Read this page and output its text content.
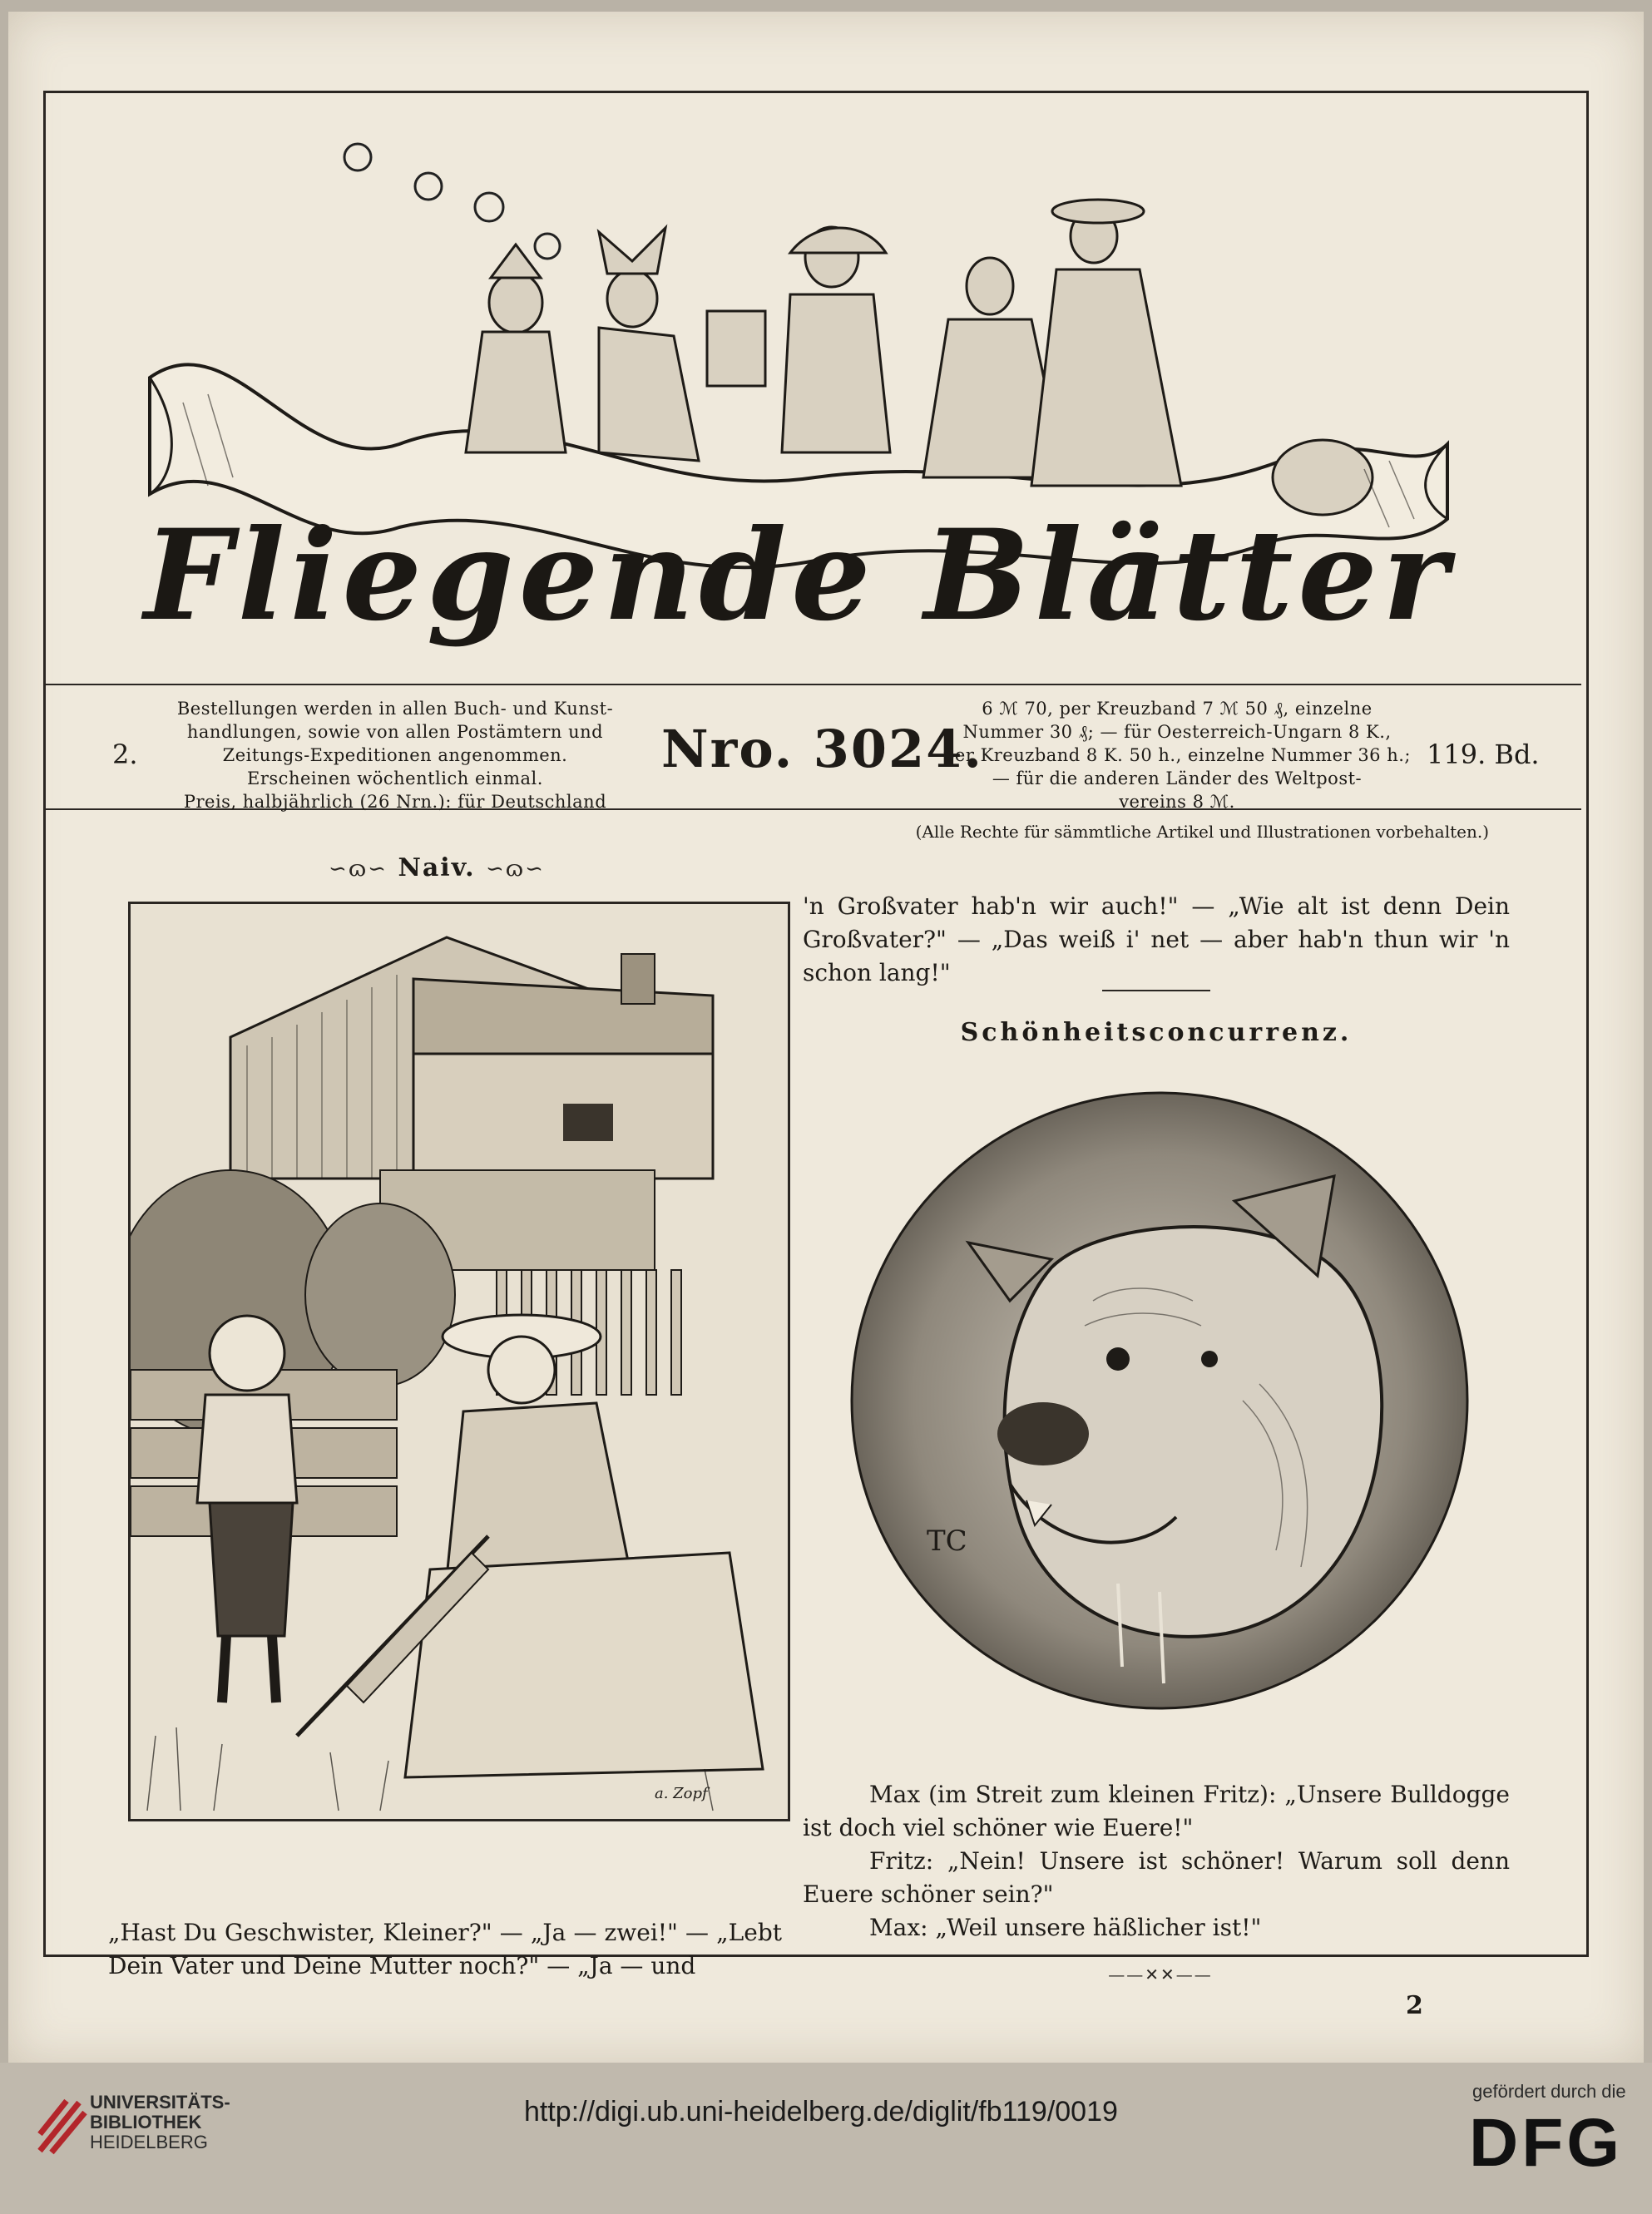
Fliegende Blätter
2.
Bestellungen werden in allen Buch- und Kunst-
handlungen, sowie von allen Postämtern und
Zeitungs-Expeditionen angenommen.
Erscheinen wöchentlich einmal.
Preis, halbjährlich (26 Nrn.): für Deutschland
Nro. 3024.
6 ℳ 70, per Kreuzband 7 ℳ 50 ₰, einzelne
Nummer 30 ₰; — für Oesterreich-Ungarn 8 K.,
per Kreuzband 8 K. 50 h., einzelne Nummer 36 h.;
— für die anderen Länder des Weltpost-
vereins 8 ℳ.
119. Bd.
(Alle Rechte für sämmtliche Artikel und Illustrationen vorbehalten.)
∽ɷ∽ Naiv. ∽ɷ∽
a. Zopf
„Hast Du Geschwister, Kleiner?" — „Ja — zwei!" — „Lebt Dein Vater und Deine Mutter noch?" — „Ja — und
'n Großvater hab'n wir auch!" — „Wie alt ist denn Dein Großvater?" — „Das weiß i' net — aber hab'n thun wir 'n schon lang!"
Schönheitsconcurrenz.
TC

Max (im Streit zum kleinen Fritz): „Unsere Bulldogge ist doch viel schöner wie Euere!"

Fritz: „Nein! Unsere ist schöner! Warum soll denn Euere schöner sein?"

Max: „Weil unsere häßlicher ist!"

——✕✕——
2
UNIVERSITÄTS-
BIBLIOTHEK
HEIDELBERG
http://digi.ub.uni-heidelberg.de/diglit/fb119/0019
gefördert durch die
DFG
